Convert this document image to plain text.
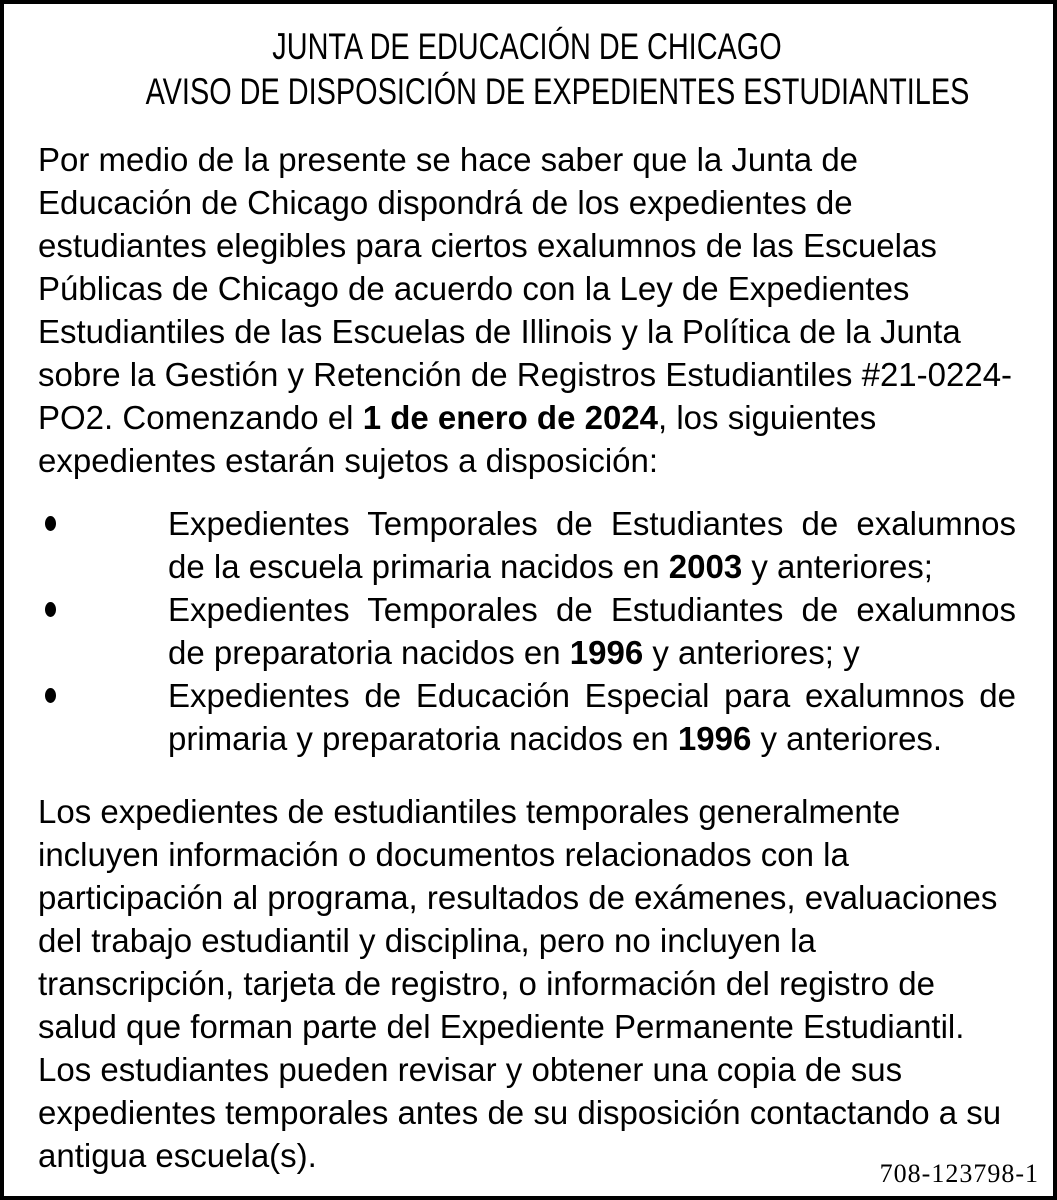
JUNTA DE EDUCACIÓN DE CHICAGO
AVISO DE DISPOSICIÓN DE EXPEDIENTES ESTUDIANTILES

Por medio de la presente se hace saber que la Junta de Educación de Chicago dispondrá de los expedientes de estudiantes elegibles para ciertos exalumnos de las Escuelas Públicas de Chicago de acuerdo con la Ley de Expedientes Estudiantiles de las Escuelas de Illinois y la Política de la Junta sobre la Gestión y Retención de Registros Estudiantiles #21-0224-PO2. Comenzando el 1 de enero de 2024, los siguientes expedientes estarán sujetos a disposición:

Expedientes Temporales de Estudiantes de exalumnos de la escuela primaria nacidos en 2003 y anteriores;
Expedientes Temporales de Estudiantes de exalumnos de preparatoria nacidos en 1996 y anteriores; y
Expedientes de Educación Especial para exalumnos de primaria y preparatoria nacidos en 1996 y anteriores.

Los expedientes de estudiantiles temporales generalmente incluyen información o documentos relacionados con la participación al programa, resultados de exámenes, evaluaciones del trabajo estudiantil y disciplina, pero no incluyen la transcripción, tarjeta de registro, o información del registro de salud que forman parte del Expediente Permanente Estudiantil. Los estudiantes pueden revisar y obtener una copia de sus expedientes temporales antes de su disposición contactando a su antigua escuela(s).	708-123798-1
